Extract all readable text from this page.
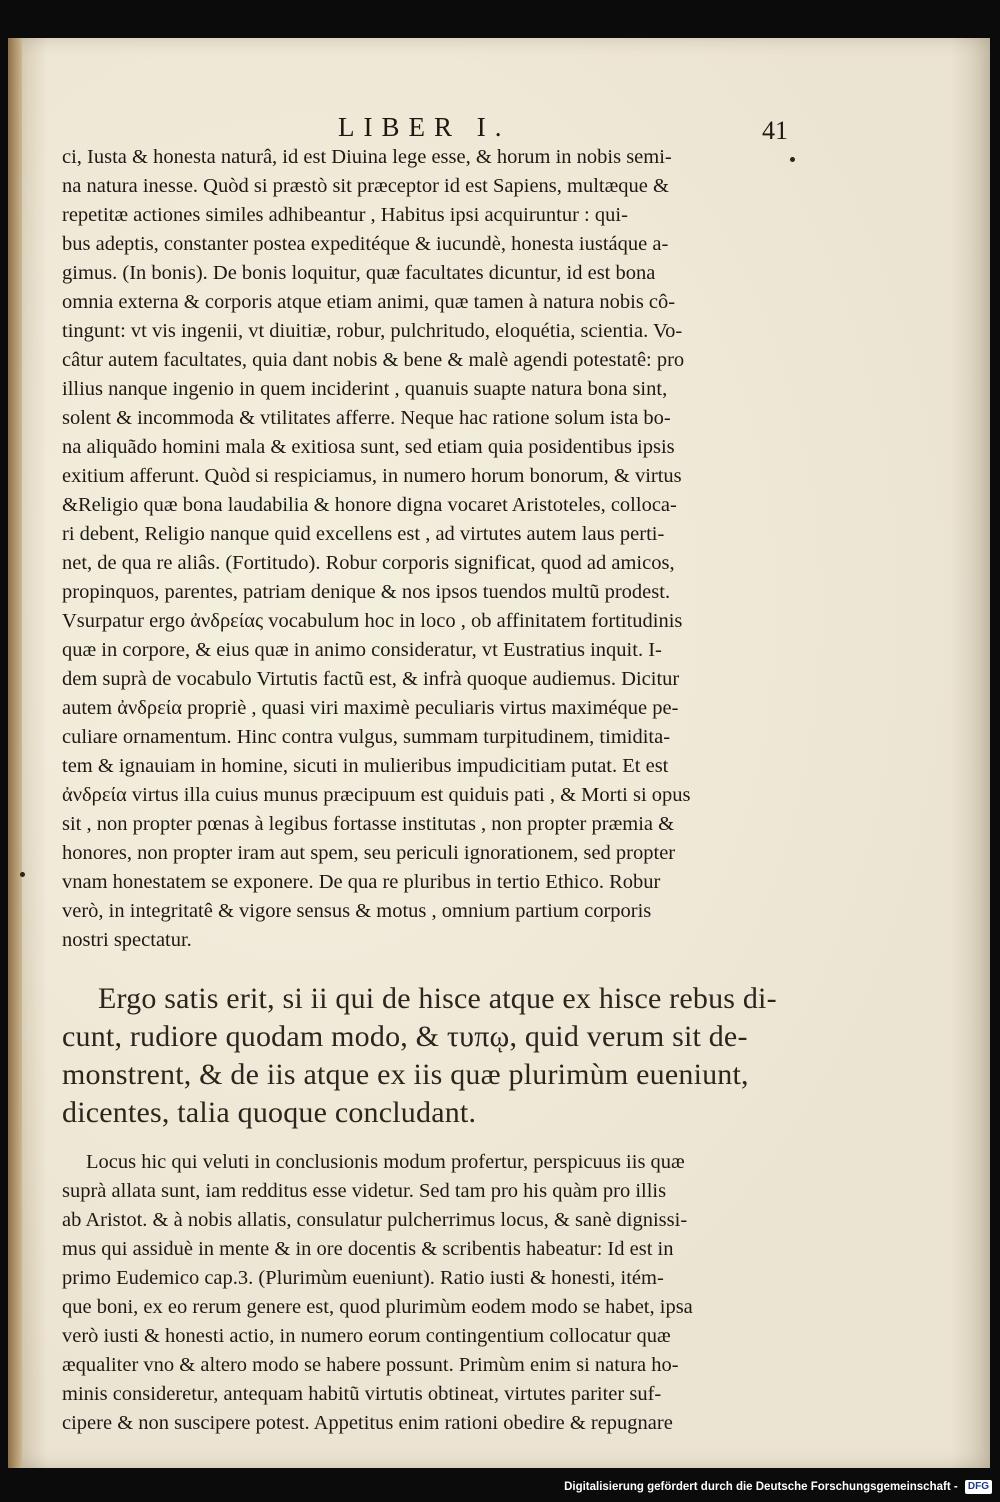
LIBER I.	41
ci, Iusta & honesta naturâ, id est Diuina lege esse, & horum in nobis semi-
na natura inesse. Quòd si præstò sit præceptor id est Sapiens, multæque &
repetitæ actiones similes adhibeantur , Habitus ipsi acquiruntur : qui-
bus adeptis, constanter postea expeditéque & iucundè, honesta iustáque a-
gimus. (In bonis). De bonis loquitur, quæ facultates dicuntur, id est bona
omnia externa & corporis atque etiam animi, quæ tamen à natura nobis cô-
tingunt: vt vis ingenii, vt diuitiæ, robur, pulchritudo, eloquétia, scientia. Vo-
câtur autem facultates, quia dant nobis & bene & malè agendi potestatê: pro
illius nanque ingenio in quem inciderint , quanuis suapte natura bona sint,
solent & incommoda & vtilitates afferre. Neque hac ratione solum ista bo-
na aliquãdo homini mala & exitiosa sunt, sed etiam quia posidentibus ipsis
exitium afferunt. Quòd si respiciamus, in numero horum bonorum, & virtus
&Religio quæ bona laudabilia & honore digna vocaret Aristoteles, colloca-
ri debent, Religio nanque quid excellens est , ad virtutes autem laus perti-
net, de qua re aliâs. (Fortitudo). Robur corporis significat, quod ad amicos,
propinquos, parentes, patriam denique & nos ipsos tuendos multũ prodest.
Vsurpatur ergo ἀνδρείας vocabulum hoc in loco , ob affinitatem fortitudinis
quæ in corpore, & eius quæ in animo consideratur, vt Eustratius inquit. I-
dem suprà de vocabulo Virtutis factũ est, & infrà quoque audiemus. Dicitur
autem ἀνδρεία propriè , quasi viri maximè peculiaris virtus maximéque pe-
culiare ornamentum. Hinc contra vulgus, summam turpitudinem, timidita-
tem & ignauiam in homine, sicuti in mulieribus impudicitiam putat. Et est
ἀνδρεία virtus illa cuius munus præcipuum est quiduis pati , & Morti si opus
sit , non propter pœnas à legibus fortasse institutas , non propter præmia &
honores, non propter iram aut spem, seu periculi ignorationem, sed propter
vnam honestatem se exponere. De qua re pluribus in tertio Ethico. Robur
verò, in integritatê & vigore sensus & motus , omnium partium corporis
nostri spectatur.
Ergo satis erit, si ii qui de hisce atque ex hisce rebus di-
cunt, rudiore quodam modo, & τυπῳ, quid verum sit de-
monstrent, & de iis atque ex iis quæ plurimùm eueniunt,
dicentes, talia quoque concludant.
Locus hic qui veluti in conclusionis modum profertur, perspicuus iis quæ
suprà allata sunt, iam redditus esse videtur. Sed tam pro his quàm pro illis
ab Aristot. & à nobis allatis, consulatur pulcherrimus locus, & sanè dignissi-
mus qui assiduè in mente & in ore docentis & scribentis habeatur: Id est in
primo Eudemico cap.3. (Plurimùm eueniunt). Ratio iusti & honesti, itém-
que boni, ex eo rerum genere est, quod plurimùm eodem modo se habet, ipsa
verò iusti & honesti actio, in numero eorum contingentium collocatur quæ
æqualiter vno & altero modo se habere possunt. Primùm enim si natura ho-
minis consideretur, antequam habitũ virtutis obtineat, virtutes pariter suf-
cipere & non suscipere potest. Appetitus enim rationi obedire & repugnare
Digitalisierung gefördert durch die Deutsche Forschungsgemeinschaft - DFG
